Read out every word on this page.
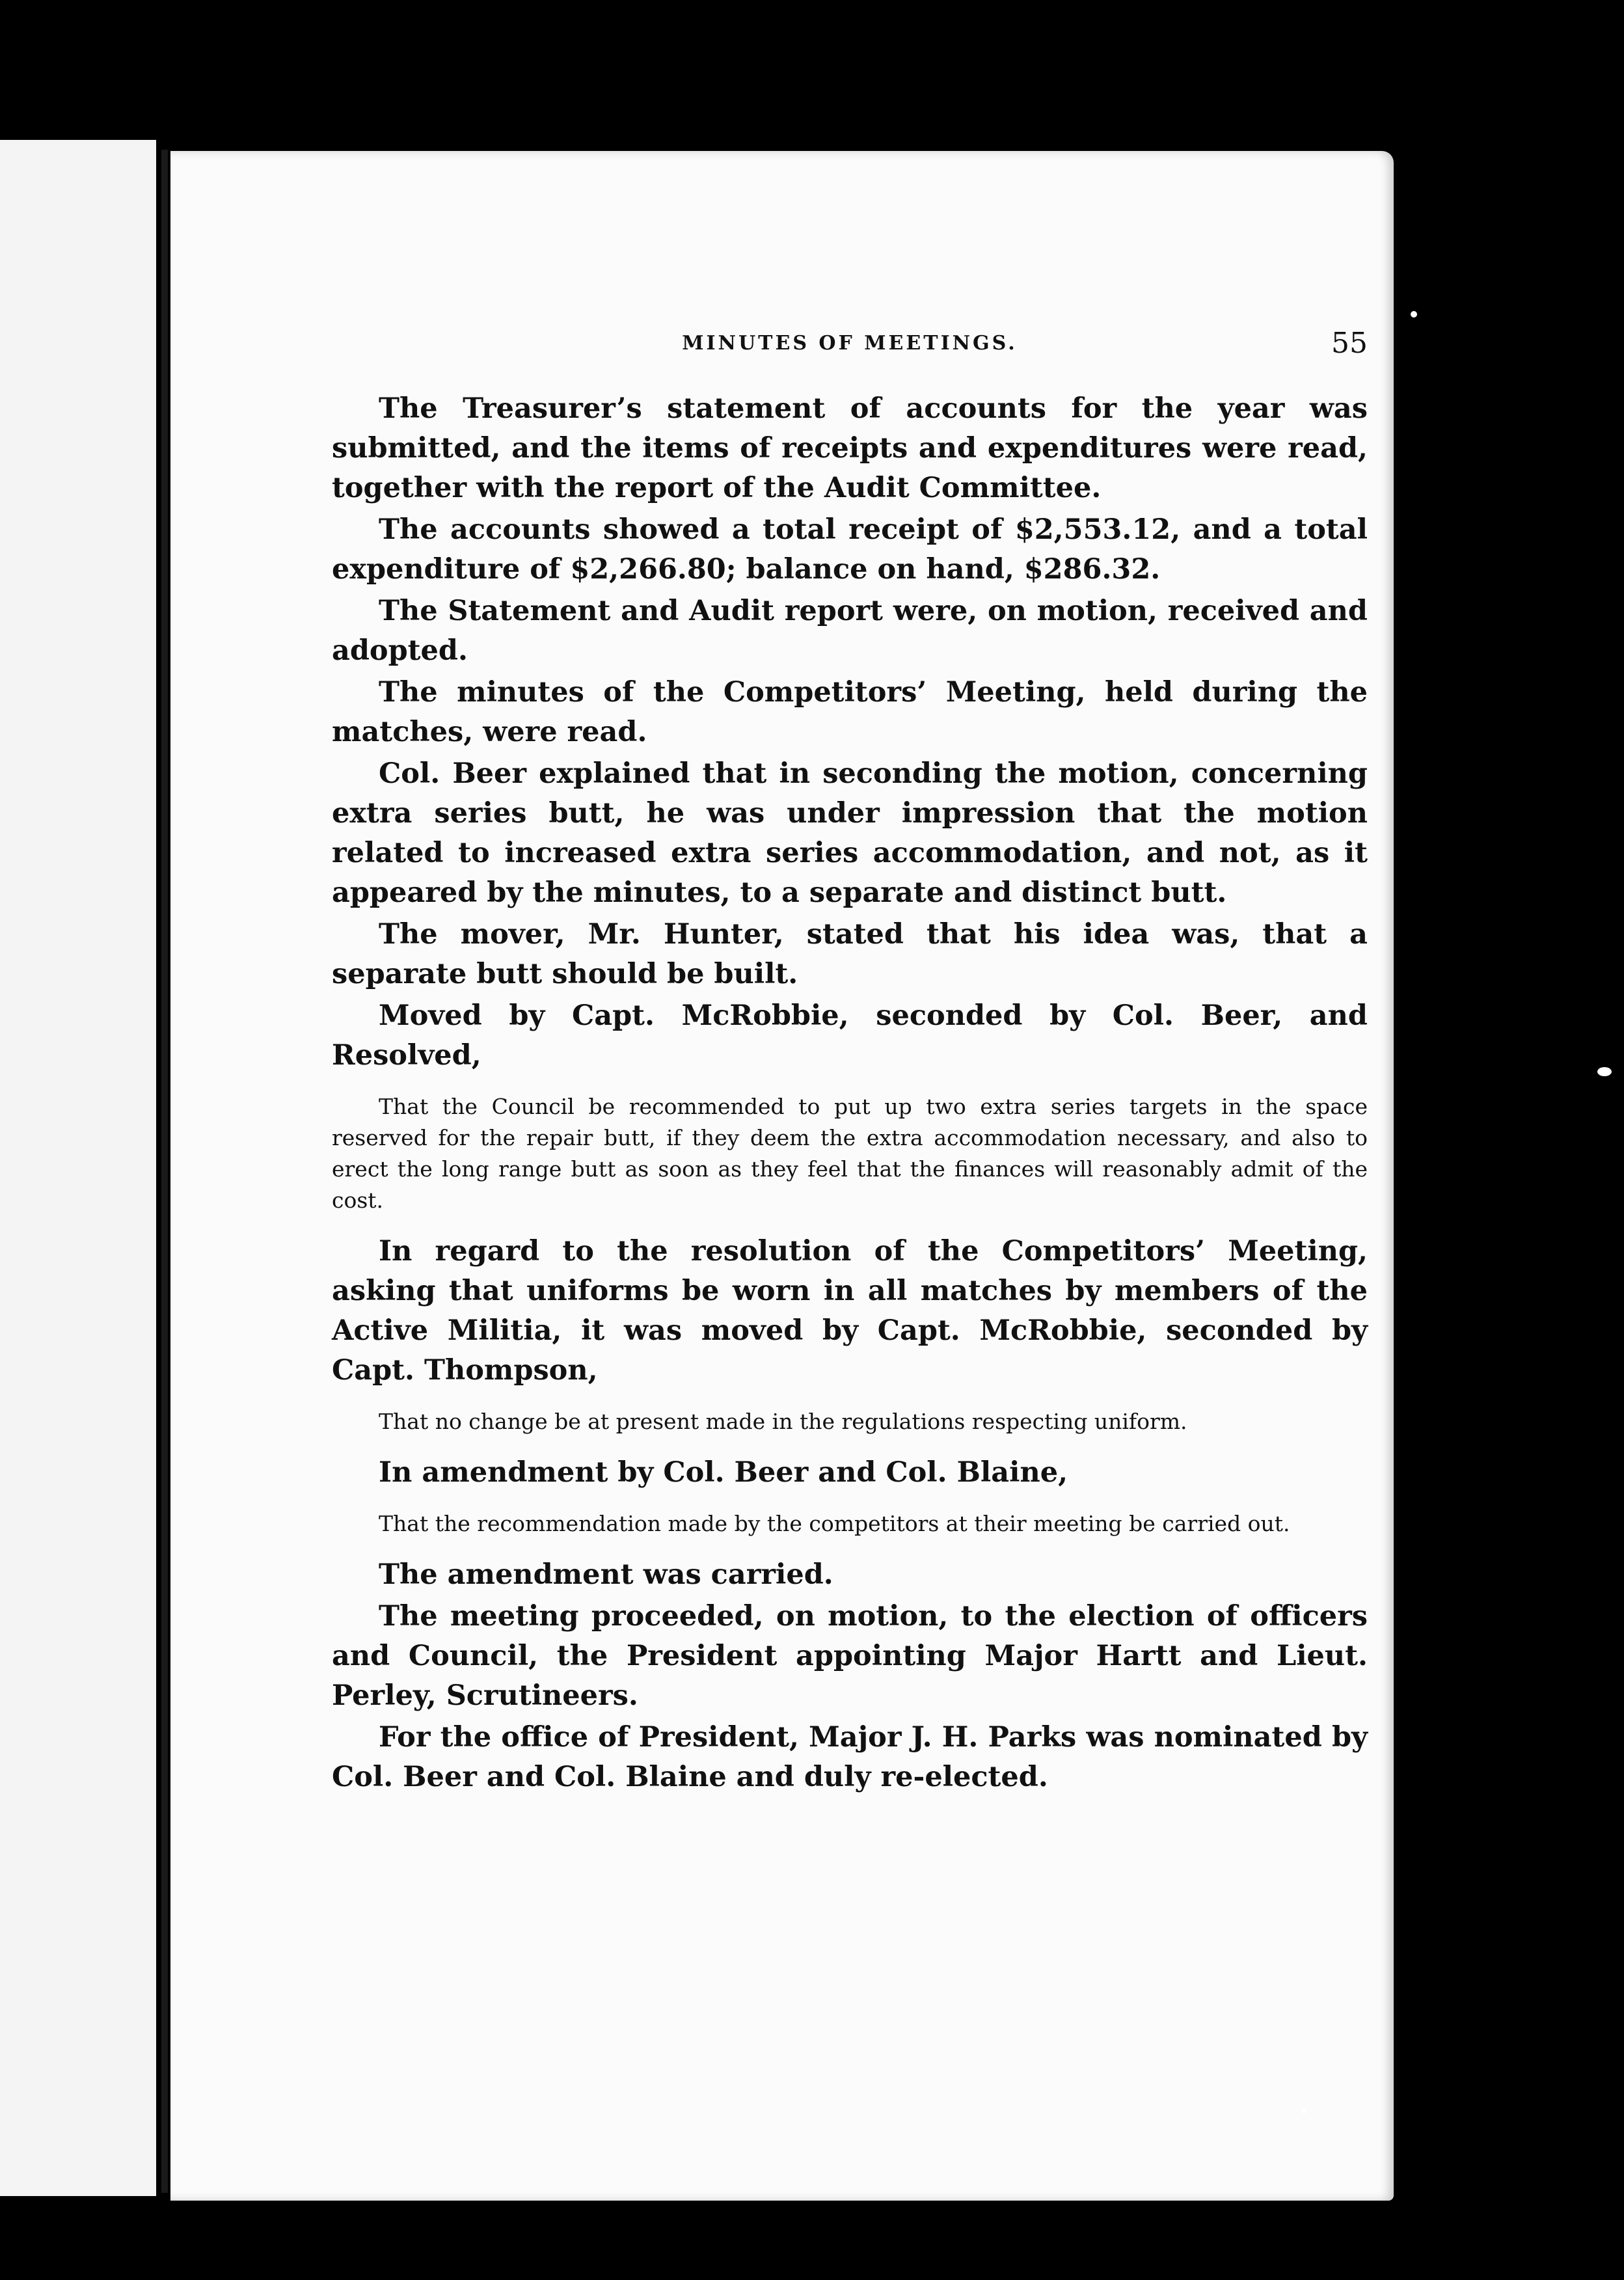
MINUTES OF MEETINGS.	55

The Treasurer’s statement of accounts for the year was submitted, and the items of receipts and expenditures were read, together with the report of the Audit Committee.

The accounts showed a total receipt of $2,553.12, and a total expenditure of $2,266.80; balance on hand, $286.32.

The Statement and Audit report were, on motion, received and adopted.

The minutes of the Competitors’ Meeting, held during the matches, were read.

Col. Beer explained that in seconding the motion, concerning extra series butt, he was under impression that the motion related to increased extra series accommodation, and not, as it appeared by the minutes, to a separate and distinct butt.

The mover, Mr. Hunter, stated that his idea was, that a separate butt should be built.

Moved by Capt. McRobbie, seconded by Col. Beer, and Resolved,

That the Council be recommended to put up two extra series targets in the space reserved for the repair butt, if they deem the extra accommodation necessary, and also to erect the long range butt as soon as they feel that the finances will reasonably admit of the cost.

In regard to the resolution of the Competitors’ Meeting, asking that uniforms be worn in all matches by members of the Active Militia, it was moved by Capt. McRobbie, seconded by Capt. Thompson,

That no change be at present made in the regulations respecting uniform.

In amendment by Col. Beer and Col. Blaine,

That the recommendation made by the competitors at their meeting be carried out.

The amendment was carried.

The meeting proceeded, on motion, to the election of officers and Council, the President appointing Major Hartt and Lieut. Perley, Scrutineers.

For the office of President, Major J. H. Parks was nominated by Col. Beer and Col. Blaine and duly re-elected.
